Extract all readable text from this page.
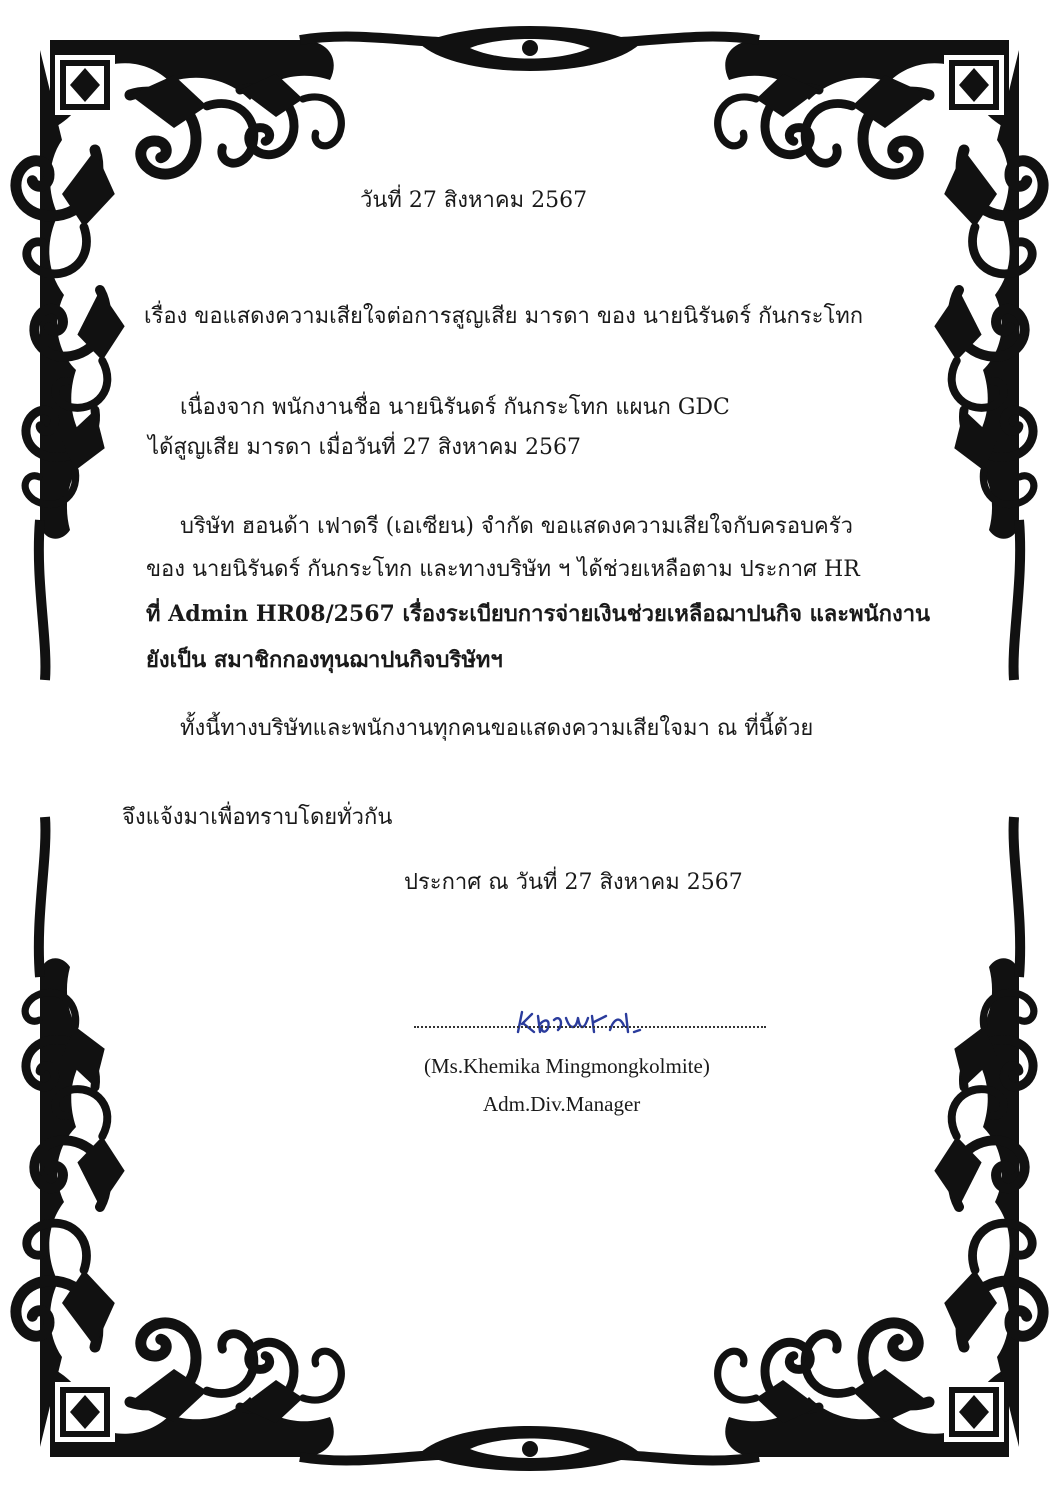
วันที่ 27 สิงหาคม 2567
เรื่อง ขอแสดงความเสียใจต่อการสูญเสีย มารดา ของ นายนิรันดร์ กันกระโทก
เนื่องจาก พนักงานชื่อ นายนิรันดร์ กันกระโทก แผนก GDC
ได้สูญเสีย มารดา เมื่อวันที่ 27 สิงหาคม 2567
บริษัท ฮอนด้า เฟาดรี (เอเซียน) จำกัด ขอแสดงความเสียใจกับครอบครัว
ของ นายนิรันดร์ กันกระโทก และทางบริษัท ฯ ได้ช่วยเหลือตาม ประกาศ HR
ที่ Admin HR08/2567 เรื่องระเบียบการจ่ายเงินช่วยเหลือฌาปนกิจ และพนักงาน
ยังเป็น สมาชิกกองทุนฌาปนกิจบริษัทฯ
ทั้งนี้ทางบริษัทและพนักงานทุกคนขอแสดงความเสียใจมา ณ ที่นี้ด้วย
จึงแจ้งมาเพื่อทราบโดยทั่วกัน
ประกาศ ณ วันที่ 27 สิงหาคม 2567
(Ms.Khemika Mingmongkolmite)
Adm.Div.Manager
